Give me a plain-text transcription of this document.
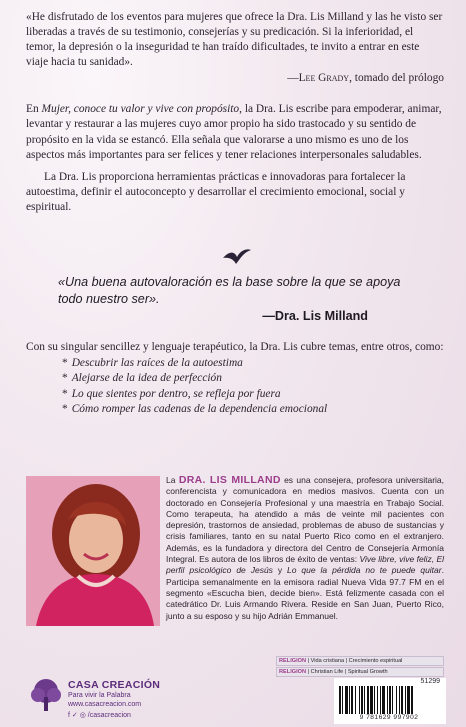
«He disfrutado de los eventos para mujeres que ofrece la Dra. Lis Milland y las he visto ser liberadas a través de su testimonio, consejerías y su predicación. Si la inferioridad, el temor, la depresión o la inseguridad te han traído dificultades, te invito a entrar en este viaje hacia tu sanidad».

—Lee Grady, tomado del prólogo

En Mujer, conoce tu valor y vive con propósito, la Dra. Lis escribe para empoderar, animar, levantar y restaurar a las mujeres cuyo amor propio ha sido trastocado y su sentido de propósito en la vida se estancó. Ella señala que valorarse a uno mismo es uno de los aspectos más importantes para ser felices y tener relaciones interpersonales saludables.

La Dra. Lis proporciona herramientas prácticas e innovadoras para fortalecer la autoestima, definir el autoconcepto y desarrollar el crecimiento emocional, social y espiritual.

«Una buena autovaloración es la base sobre la que se apoya todo nuestro ser».
—Dra. Lis Milland

Con su singular sencillez y lenguaje terapéutico, la Dra. Lis cubre temas, entre otros, como:

* Descubrir las raíces de la autoestima
* Alejarse de la idea de perfección
* Lo que sientes por dentro, se refleja por fuera
* Cómo romper las cadenas de la dependencia emocional
La DRA. LIS MILLAND es una consejera, profesora universitaria, conferencista y comunicadora en medios masivos. Cuenta con un doctorado en Consejería Profesional y una maestría en Trabajo Social. Como terapeuta, ha atendido a más de veinte mil pacientes con depresión, trastornos de ansiedad, problemas de abuso de sustancias y crisis familiares, tanto en su natal Puerto Rico como en el extranjero. Además, es la fundadora y directora del Centro de Consejería Armonía Integral. Es autora de los libros de éxito de ventas: Vive libre, vive feliz, El perfil psicológico de Jesús y Lo que la pérdida no te puede quitar. Participa semanalmente en la emisora radial Nueva Vida 97.7 FM en el segmento «Escucha bien, decide bien». Está felizmente casada con el catedrático Dr. Luis Armando Rivera. Reside en San Juan, Puerto Rico, junto a su esposo y su hijo Adrián Emmanuel.
CASA CREACIÓN
Para vivir la Palabra
www.casacreacion.com
f ✓ ◎ /casacreacion
RELIGION | Vida cristiana | Crecimiento espiritual
RELIGION | Christian Life | Spiritual Growth
51299
9 781629 997902
